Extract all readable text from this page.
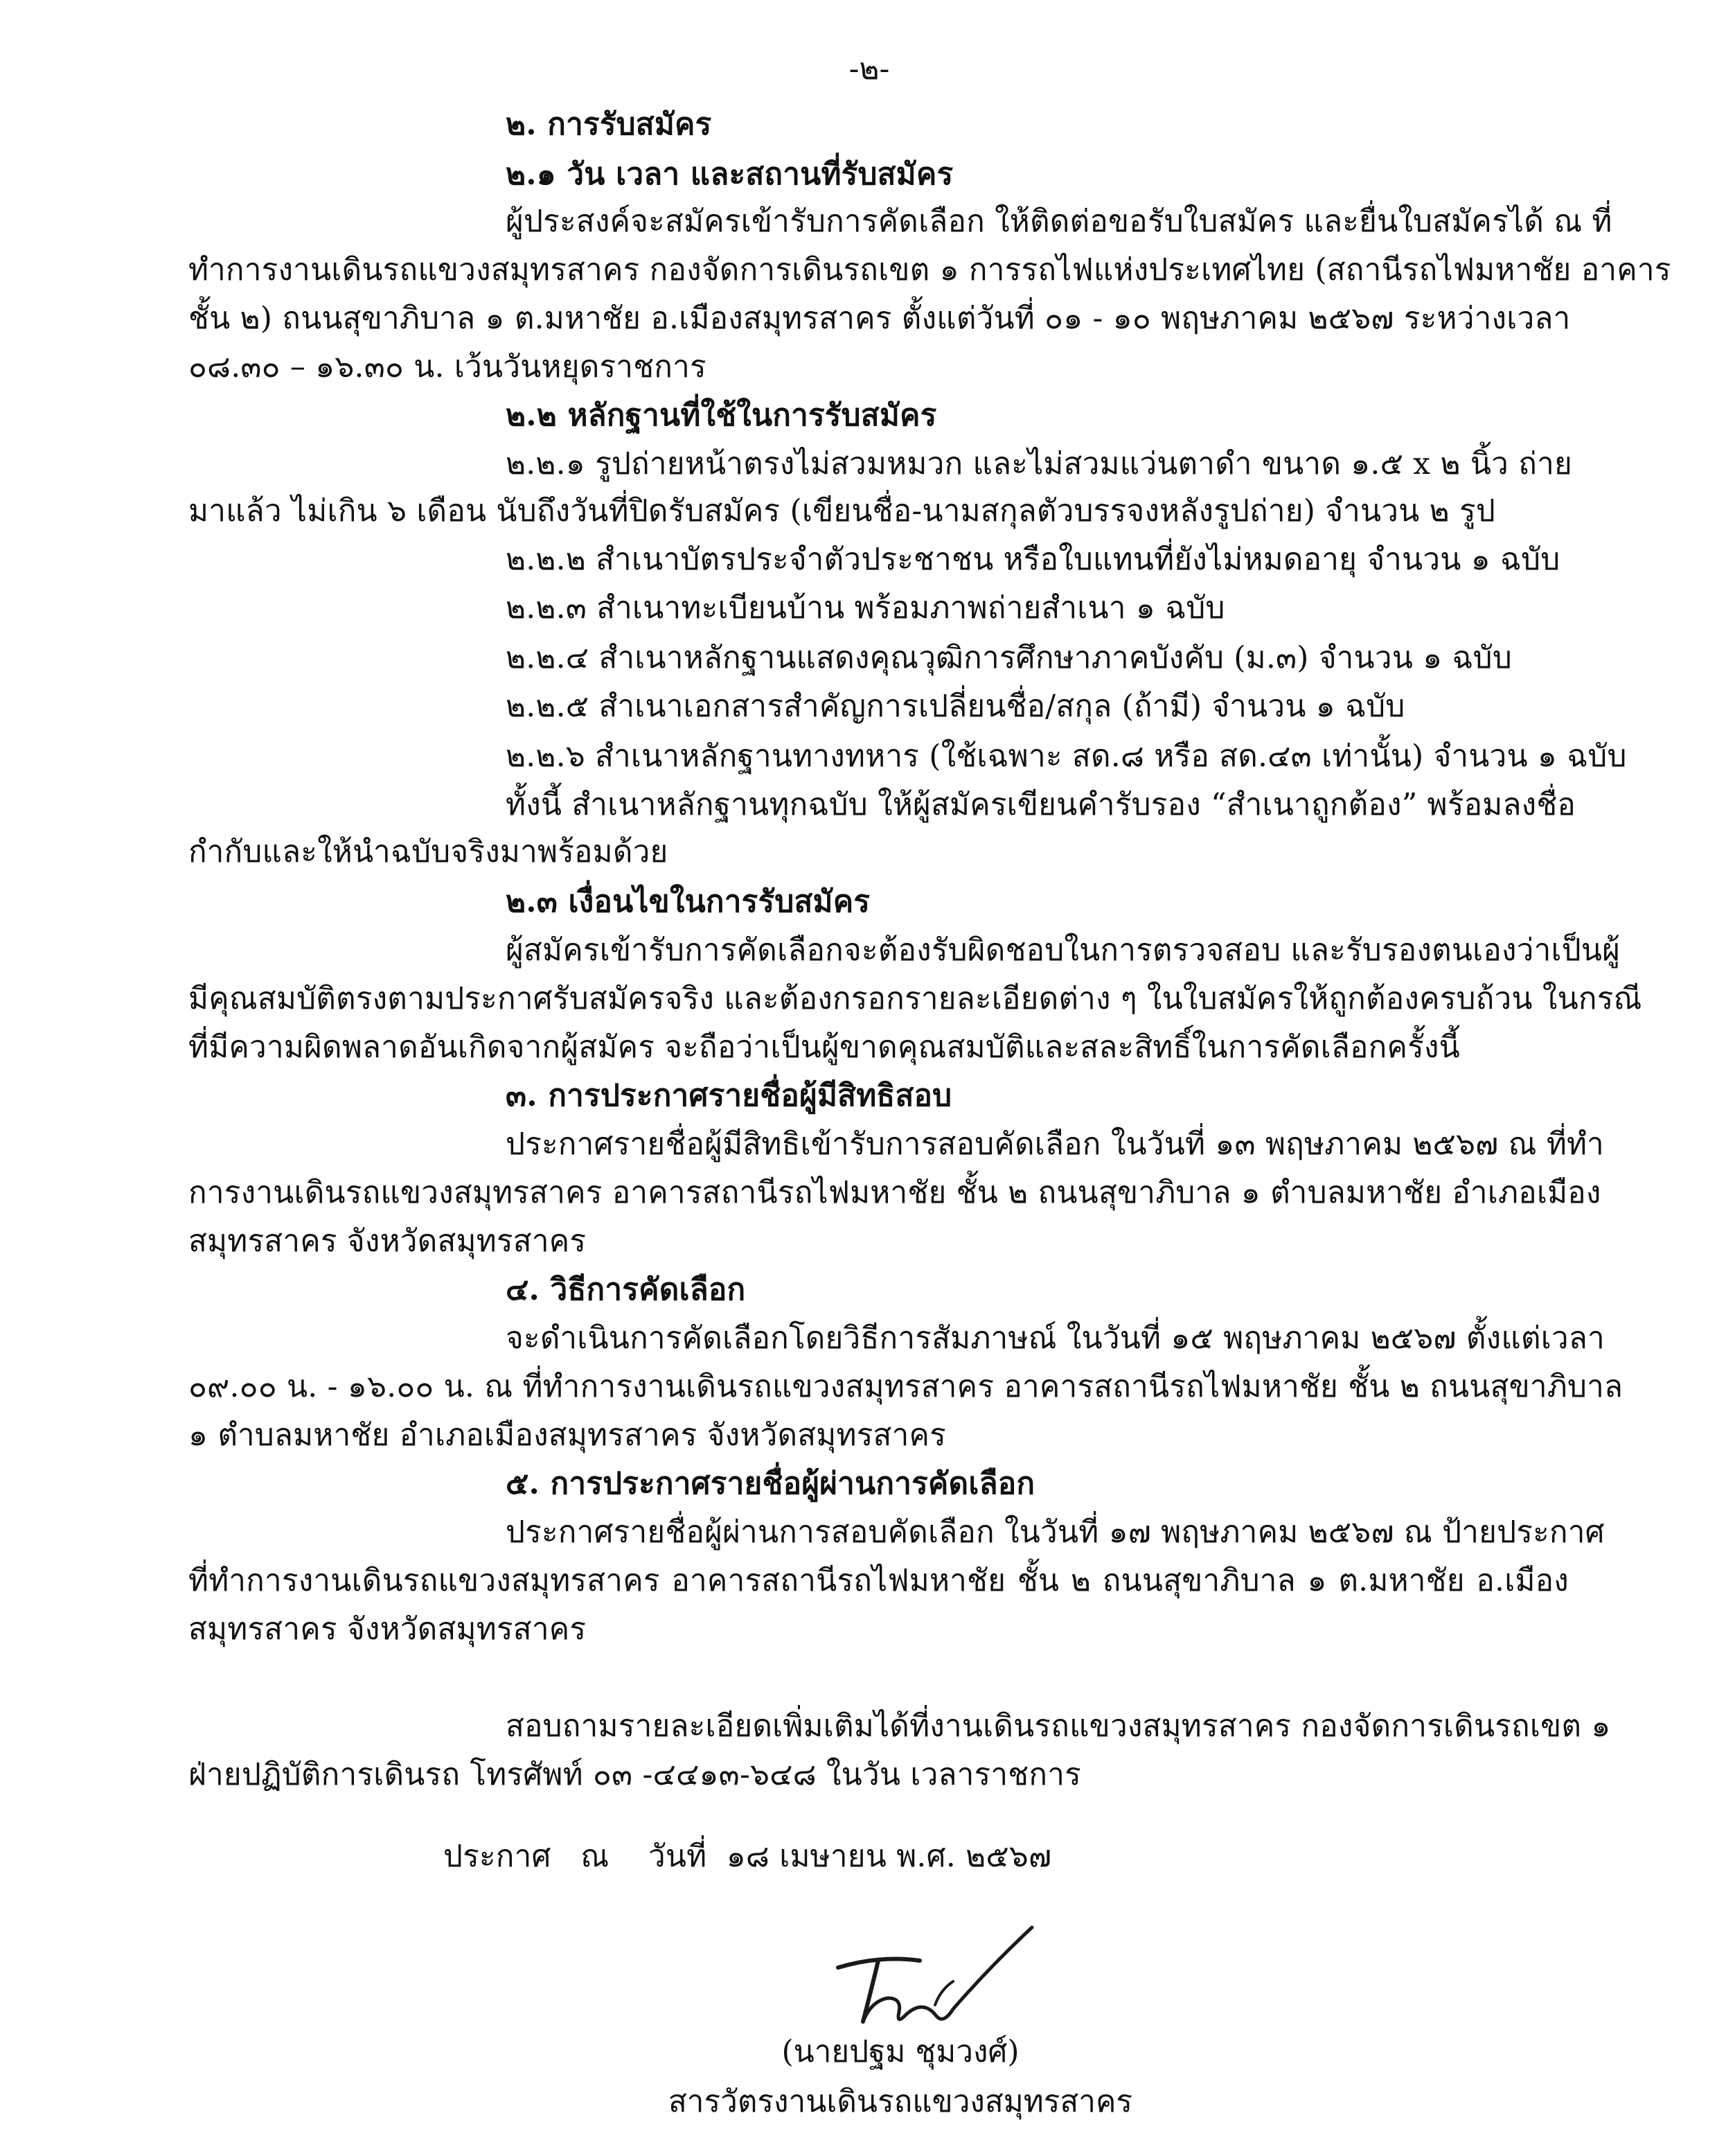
-๒-
๒. การรับสมัคร
๒.๑ วัน เวลา และสถานที่รับสมัคร
ผู้ประสงค์จะสมัครเข้ารับการคัดเลือก ให้ติดต่อขอรับใบสมัคร และยื่นใบสมัครได้ ณ ที่
ทำการงานเดินรถแขวงสมุทรสาคร กองจัดการเดินรถเขต ๑ การรถไฟแห่งประเทศไทย (สถานีรถไฟมหาชัย อาคาร
ชั้น ๒) ถนนสุขาภิบาล ๑ ต.มหาชัย อ.เมืองสมุทรสาคร ตั้งแต่วันที่ ๐๑ - ๑๐ พฤษภาคม ๒๕๖๗ ระหว่างเวลา
๐๘.๓๐ – ๑๖.๓๐ น. เว้นวันหยุดราชการ
๒.๒ หลักฐานที่ใช้ในการรับสมัคร
๒.๒.๑ รูปถ่ายหน้าตรงไม่สวมหมวก และไม่สวมแว่นตาดำ ขนาด ๑.๕ x ๒ นิ้ว ถ่าย
มาแล้ว ไม่เกิน ๖ เดือน นับถึงวันที่ปิดรับสมัคร (เขียนชื่อ-นามสกุลตัวบรรจงหลังรูปถ่าย) จำนวน ๒ รูป
๒.๒.๒ สำเนาบัตรประจำตัวประชาชน หรือใบแทนที่ยังไม่หมดอายุ จำนวน ๑ ฉบับ
๒.๒.๓ สำเนาทะเบียนบ้าน พร้อมภาพถ่ายสำเนา ๑ ฉบับ
๒.๒.๔ สำเนาหลักฐานแสดงคุณวุฒิการศึกษาภาคบังคับ (ม.๓) จำนวน ๑ ฉบับ
๒.๒.๕ สำเนาเอกสารสำคัญการเปลี่ยนชื่อ/สกุล (ถ้ามี) จำนวน ๑ ฉบับ
๒.๒.๖ สำเนาหลักฐานทางทหาร (ใช้เฉพาะ สด.๘ หรือ สด.๔๓ เท่านั้น) จำนวน ๑ ฉบับ
ทั้งนี้ สำเนาหลักฐานทุกฉบับ ให้ผู้สมัครเขียนคำรับรอง “สำเนาถูกต้อง” พร้อมลงชื่อ
กำกับและให้นำฉบับจริงมาพร้อมด้วย
๒.๓ เงื่อนไขในการรับสมัคร
ผู้สมัครเข้ารับการคัดเลือกจะต้องรับผิดชอบในการตรวจสอบ และรับรองตนเองว่าเป็นผู้
มีคุณสมบัติตรงตามประกาศรับสมัครจริง และต้องกรอกรายละเอียดต่าง ๆ ในใบสมัครให้ถูกต้องครบถ้วน ในกรณี
ที่มีความผิดพลาดอันเกิดจากผู้สมัคร จะถือว่าเป็นผู้ขาดคุณสมบัติและสละสิทธิ์ในการคัดเลือกครั้งนี้
๓. การประกาศรายชื่อผู้มีสิทธิสอบ
ประกาศรายชื่อผู้มีสิทธิเข้ารับการสอบคัดเลือก ในวันที่ ๑๓ พฤษภาคม ๒๕๖๗ ณ ที่ทำ
การงานเดินรถแขวงสมุทรสาคร อาคารสถานีรถไฟมหาชัย ชั้น ๒ ถนนสุขาภิบาล ๑ ตำบลมหาชัย อำเภอเมือง
สมุทรสาคร จังหวัดสมุทรสาคร
๔. วิธีการคัดเลือก
จะดำเนินการคัดเลือกโดยวิธีการสัมภาษณ์ ในวันที่ ๑๕ พฤษภาคม ๒๕๖๗ ตั้งแต่เวลา
๐๙.๐๐ น. - ๑๖.๐๐ น. ณ ที่ทำการงานเดินรถแขวงสมุทรสาคร อาคารสถานีรถไฟมหาชัย ชั้น ๒ ถนนสุขาภิบาล
๑ ตำบลมหาชัย อำเภอเมืองสมุทรสาคร จังหวัดสมุทรสาคร
๕. การประกาศรายชื่อผู้ผ่านการคัดเลือก
ประกาศรายชื่อผู้ผ่านการสอบคัดเลือก ในวันที่ ๑๗ พฤษภาคม ๒๕๖๗ ณ ป้ายประกาศ
ที่ทำการงานเดินรถแขวงสมุทรสาคร อาคารสถานีรถไฟมหาชัย ชั้น ๒ ถนนสุขาภิบาล ๑ ต.มหาชัย อ.เมือง
สมุทรสาคร จังหวัดสมุทรสาคร
สอบถามรายละเอียดเพิ่มเติมได้ที่งานเดินรถแขวงสมุทรสาคร กองจัดการเดินรถเขต ๑
ฝ่ายปฏิบัติการเดินรถ โทรศัพท์ ๐๓ -๔๔๑๓-๖๔๘ ในวัน เวลาราชการ
ประกาศ   ณ    วันที่  ๑๘ เมษายน พ.ศ. ๒๕๖๗
(นายปฐม ชุมวงศ์)
สารวัตรงานเดินรถแขวงสมุทรสาคร
